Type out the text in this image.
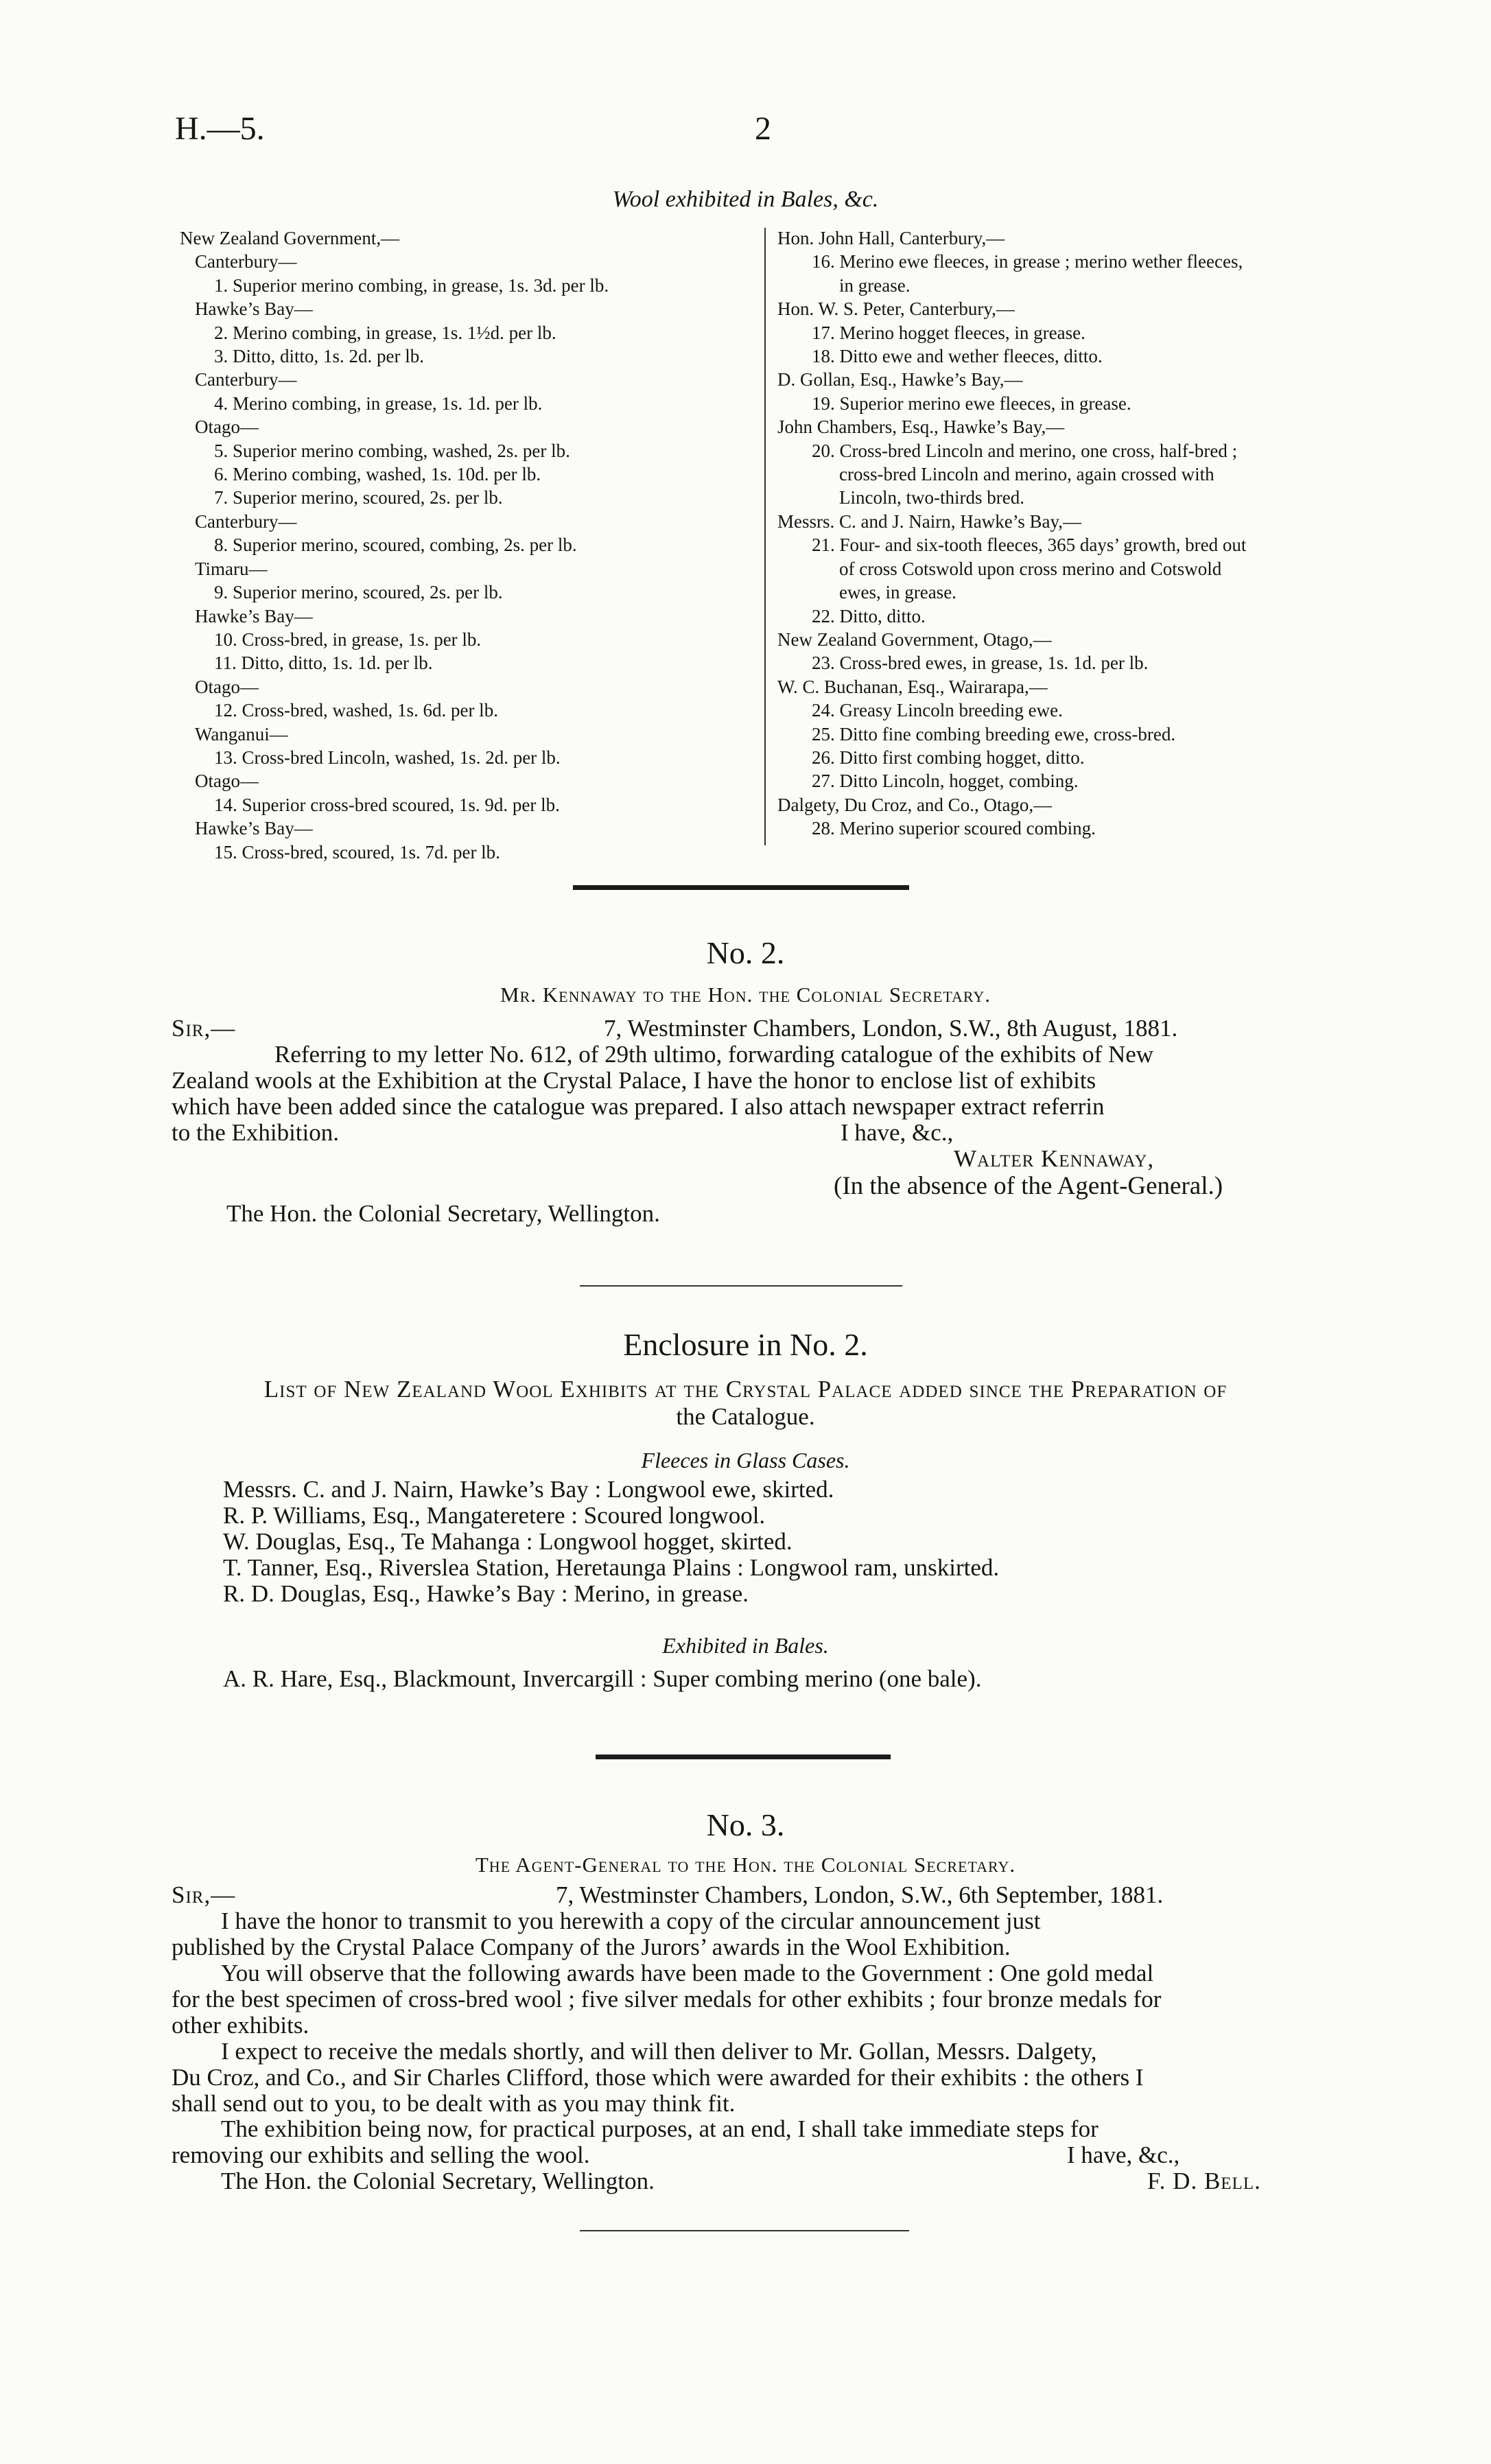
H.—5.	2
Wool exhibited in Bales, &c.
New Zealand Government,—
Canterbury—
1. Superior merino combing, in grease, 1s. 3d. per lb.
Hawke’s Bay—
2. Merino combing, in grease, 1s. 1½d. per lb.
3. Ditto, ditto, 1s. 2d. per lb.
Canterbury—
4. Merino combing, in grease, 1s. 1d. per lb.
Otago—
5. Superior merino combing, washed, 2s. per lb.
6. Merino combing, washed, 1s. 10d. per lb.
7. Superior merino, scoured, 2s. per lb.
Canterbury—
8. Superior merino, scoured, combing, 2s. per lb.
Timaru—
9. Superior merino, scoured, 2s. per lb.
Hawke’s Bay—
10. Cross-bred, in grease, 1s. per lb.
11. Ditto, ditto, 1s. 1d. per lb.
Otago—
12. Cross-bred, washed, 1s. 6d. per lb.
Wanganui—
13. Cross-bred Lincoln, washed, 1s. 2d. per lb.
Otago—
14. Superior cross-bred scoured, 1s. 9d. per lb.
Hawke’s Bay—
15. Cross-bred, scoured, 1s. 7d. per lb.
Hon. John Hall, Canterbury,—
16. Merino ewe fleeces, in grease ; merino wether fleeces,
in grease.
Hon. W. S. Peter, Canterbury,—
17. Merino hogget fleeces, in grease.
18. Ditto ewe and wether fleeces, ditto.
D. Gollan, Esq., Hawke’s Bay,—
19. Superior merino ewe fleeces, in grease.
John Chambers, Esq., Hawke’s Bay,—
20. Cross-bred Lincoln and merino, one cross, half-bred ;
cross-bred Lincoln and merino, again crossed with
Lincoln, two-thirds bred.
Messrs. C. and J. Nairn, Hawke’s Bay,—
21. Four- and six-tooth fleeces, 365 days’ growth, bred out
of cross Cotswold upon cross merino and Cotswold
ewes, in grease.
22. Ditto, ditto.
New Zealand Government, Otago,—
23. Cross-bred ewes, in grease, 1s. 1d. per lb.
W. C. Buchanan, Esq., Wairarapa,—
24. Greasy Lincoln breeding ewe.
25. Ditto fine combing breeding ewe, cross-bred.
26. Ditto first combing hogget, ditto.
27. Ditto Lincoln, hogget, combing.
Dalgety, Du Croz, and Co., Otago,—
28. Merino superior scoured combing.
No. 2.
Mr. Kennaway to the Hon. the Colonial Secretary.
Sir,—	7, Westminster Chambers, London, S.W., 8th August, 1881.
Referring to my letter No. 612, of 29th ultimo, forwarding catalogue of the exhibits of New
Zealand wools at the Exhibition at the Crystal Palace, I have the honor to enclose list of exhibits
which have been added since the catalogue was prepared. I also attach newspaper extract referrin
to the Exhibition.	I have, &c.,
Walter Kennaway,
(In the absence of the Agent-General.)
The Hon. the Colonial Secretary, Wellington.
Enclosure in No. 2.
List of New Zealand Wool Exhibits at the Crystal Palace added since the Preparation of
the Catalogue.
Fleeces in Glass Cases.
Messrs. C. and J. Nairn, Hawke’s Bay : Longwool ewe, skirted.
R. P. Williams, Esq., Mangateretere : Scoured longwool.
W. Douglas, Esq., Te Mahanga : Longwool hogget, skirted.
T. Tanner, Esq., Riverslea Station, Heretaunga Plains : Longwool ram, unskirted.
R. D. Douglas, Esq., Hawke’s Bay : Merino, in grease.
Exhibited in Bales.
A. R. Hare, Esq., Blackmount, Invercargill : Super combing merino (one bale).
No. 3.
The Agent-General to the Hon. the Colonial Secretary.
Sir,—	7, Westminster Chambers, London, S.W., 6th September, 1881.
I have the honor to transmit to you herewith a copy of the circular announcement just
published by the Crystal Palace Company of the Jurors’ awards in the Wool Exhibition.
You will observe that the following awards have been made to the Government : One gold medal
for the best specimen of cross-bred wool ; five silver medals for other exhibits ; four bronze medals for
other exhibits.
I expect to receive the medals shortly, and will then deliver to Mr. Gollan, Messrs. Dalgety,
Du Croz, and Co., and Sir Charles Clifford, those which were awarded for their exhibits : the others I
shall send out to you, to be dealt with as you may think fit.
The exhibition being now, for practical purposes, at an end, I shall take immediate steps for
removing our exhibits and selling the wool.	I have, &c.,
The Hon. the Colonial Secretary, Wellington.	F. D. Bell.
